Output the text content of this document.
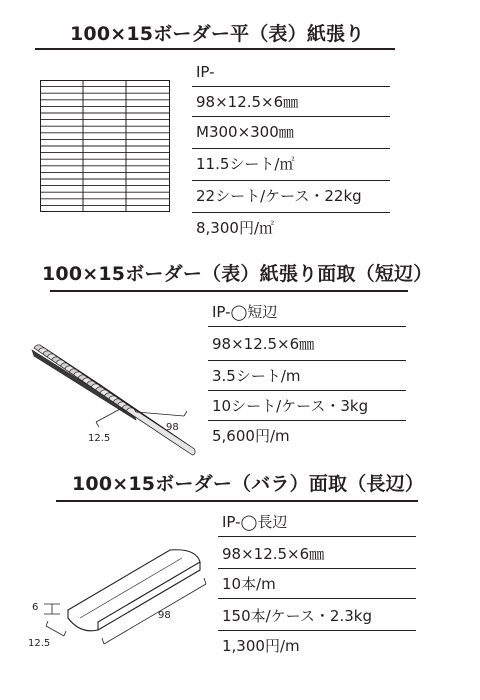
100×15ボーダー平（表）紙張り
IP-
98×12.5×6㎜
M300×300㎜
11.5シート/㎡
22シート/ケース・22kg
8,300円/㎡
100×15ボーダー（表）紙張り面取（短辺）
12.5
98
IP-◯短辺
98×12.5×6㎜
3.5シート/m
10シート/ケース・3kg
5,600円/m
100×15ボーダー（バラ）面取（長辺）
6
12.5
98
IP-◯長辺
98×12.5×6㎜
10本/m
150本/ケース・2.3kg
1,300円/m
